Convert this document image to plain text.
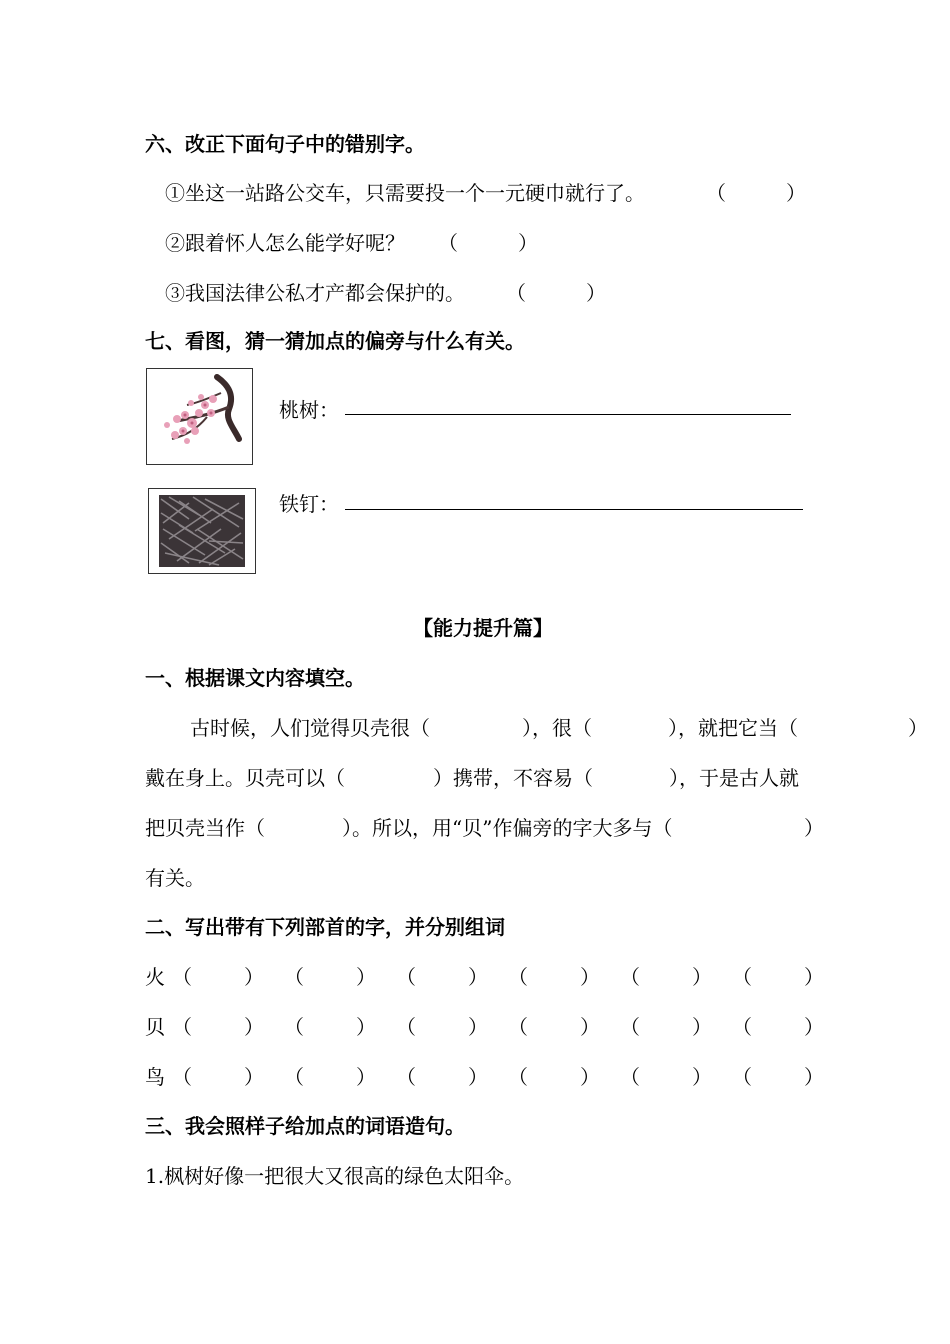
六、改正下面句子中的错别字。
①坐这一站路公交车，只需要投一个一元硬巾就行了。	（	）
②跟着怀人怎么能学好呢？ （	）
③我国法律公私才产都会保护的。 （	）
七、看图，猜一猜加点的偏旁与什么有关。
桃树：
铁钉：
【能力提升篇】
一、根据课文内容填空。
古时候，人们觉得贝壳很（	），很（	），就把它当（	）
戴在身上。贝壳可以（	）携带，不容易（	），于是古人就
把贝壳当作（	）。所以，用“贝”作偏旁的字大多与（	）
有关。
二、写出带有下列部首的字，并分别组词
火 （	） （	） （	） （	） （	） （	）
贝 （	） （	） （	） （	） （	） （	）
鸟 （	） （	） （	） （	） （	） （	）
三、我会照样子给加点的词语造句。
1.枫树好像一把很大又很高的绿色太阳伞。
